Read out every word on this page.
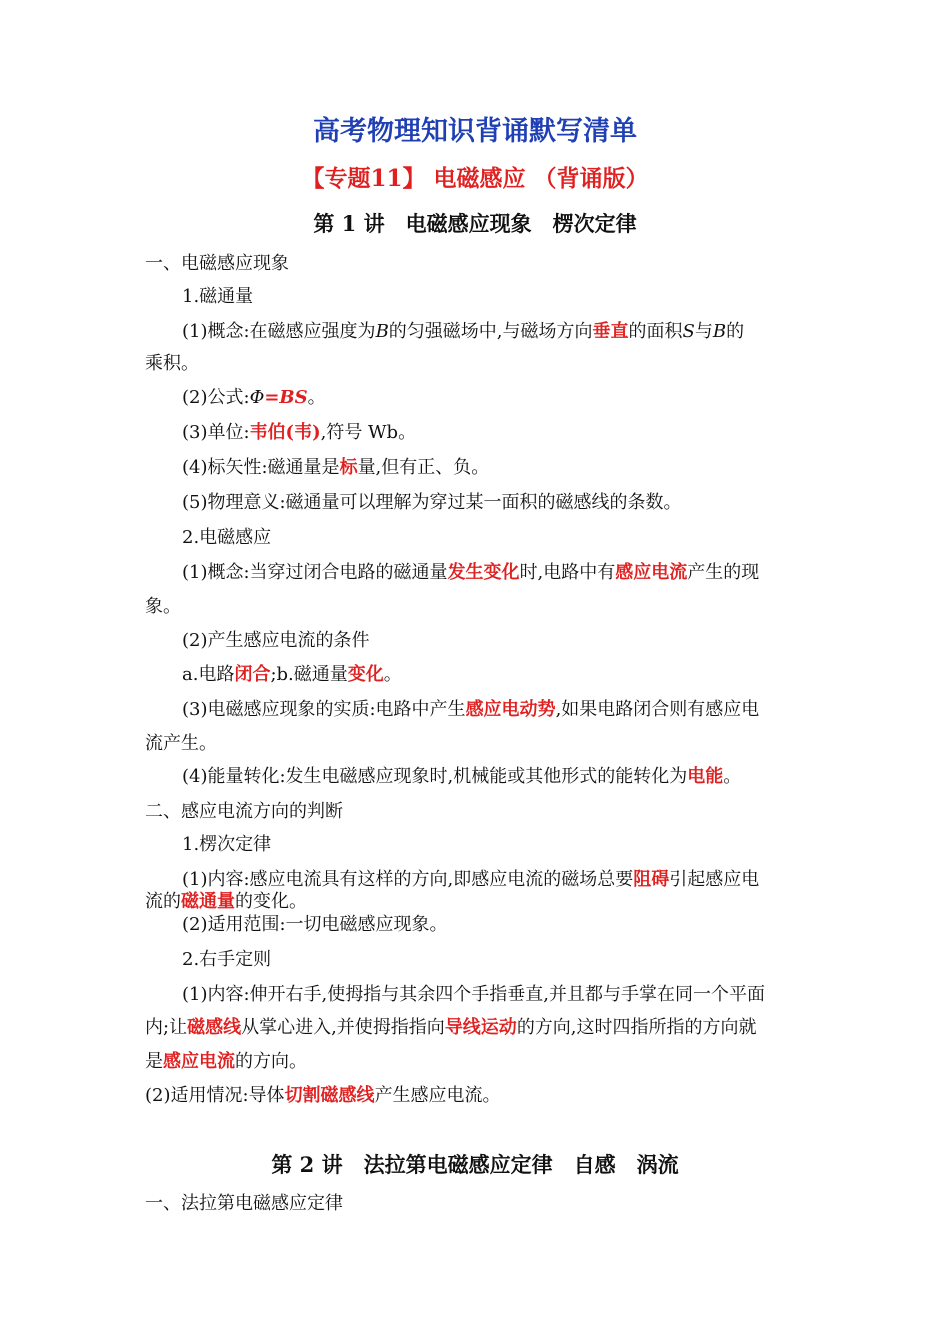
高考物理知识背诵默写清单
【专题11】 电磁感应 （背诵版）
第 1 讲　电磁感应现象　楞次定律
一、电磁感应现象
1.磁通量
(1)概念:在磁感应强度为B的匀强磁场中,与磁场方向垂直的面积S与B的
乘积。
(2)公式:Φ=BS。
(3)单位:韦伯(韦),符号 Wb。
(4)标矢性:磁通量是标量,但有正、负。
(5)物理意义:磁通量可以理解为穿过某一面积的磁感线的条数。
2.电磁感应
(1)概念:当穿过闭合电路的磁通量发生变化时,电路中有感应电流产生的现
象。
(2)产生感应电流的条件
a.电路闭合;b.磁通量变化。
(3)电磁感应现象的实质:电路中产生感应电动势,如果电路闭合则有感应电
流产生。
(4)能量转化:发生电磁感应现象时,机械能或其他形式的能转化为电能。
二、感应电流方向的判断
1.楞次定律
(1)内容:感应电流具有这样的方向,即感应电流的磁场总要阻碍引起感应电
流的磁通量的变化。
(2)适用范围:一切电磁感应现象。
2.右手定则
(1)内容:伸开右手,使拇指与其余四个手指垂直,并且都与手掌在同一个平面
内;让磁感线从掌心进入,并使拇指指向导线运动的方向,这时四指所指的方向就
是感应电流的方向。
(2)适用情况:导体切割磁感线产生感应电流。
第 2 讲　法拉第电磁感应定律　自感　涡流
一、法拉第电磁感应定律
